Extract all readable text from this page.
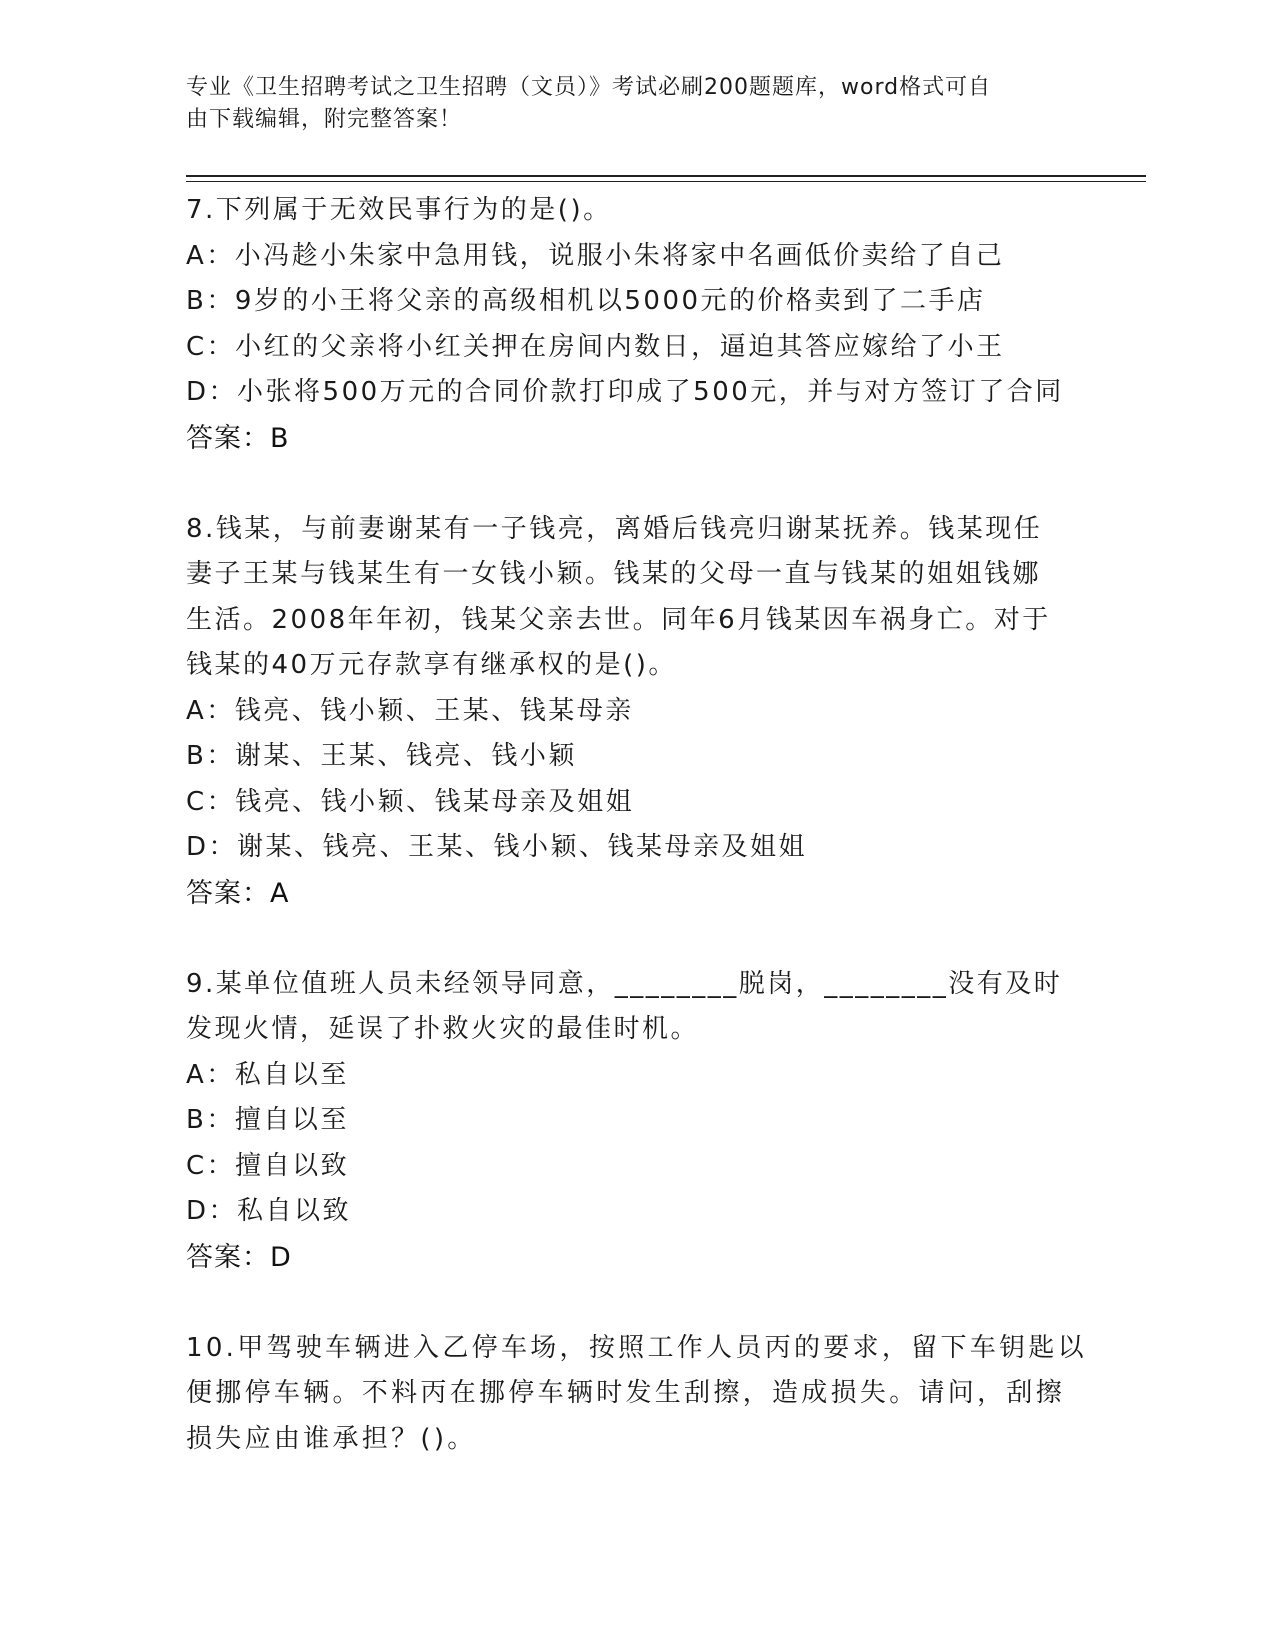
专业《卫生招聘考试之卫生招聘（文员）》考试必刷200题题库，word格式可自
由下载编辑，附完整答案！
7.下列属于无效民事行为的是()。
A：小冯趁小朱家中急用钱，说服小朱将家中名画低价卖给了自己
B：9岁的小王将父亲的高级相机以5000元的价格卖到了二手店
C：小红的父亲将小红关押在房间内数日，逼迫其答应嫁给了小王
D：小张将500万元的合同价款打印成了500元，并与对方签订了合同
答案：B
8.钱某，与前妻谢某有一子钱亮，离婚后钱亮归谢某抚养。钱某现任
妻子王某与钱某生有一女钱小颖。钱某的父母一直与钱某的姐姐钱娜
生活。2008年年初，钱某父亲去世。同年6月钱某因车祸身亡。对于
钱某的40万元存款享有继承权的是()。
A：钱亮、钱小颖、王某、钱某母亲
B：谢某、王某、钱亮、钱小颖
C：钱亮、钱小颖、钱某母亲及姐姐
D：谢某、钱亮、王某、钱小颖、钱某母亲及姐姐
答案：A
9.某单位值班人员未经领导同意，________脱岗，________没有及时
发现火情，延误了扑救火灾的最佳时机。
A：私自以至
B：擅自以至
C：擅自以致
D：私自以致
答案：D
10.甲驾驶车辆进入乙停车场，按照工作人员丙的要求，留下车钥匙以
便挪停车辆。不料丙在挪停车辆时发生刮擦，造成损失。请问，刮擦
损失应由谁承担？()。
